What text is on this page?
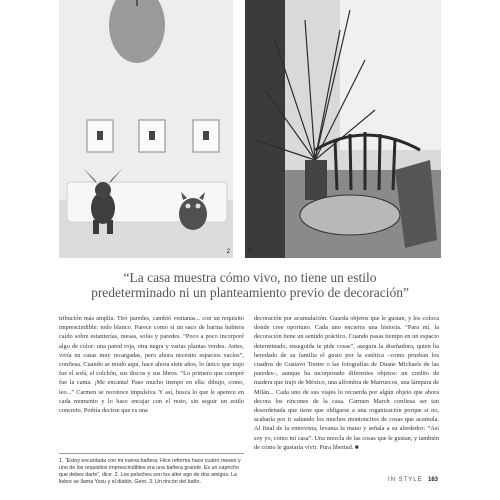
2	3
“La casa muestra cómo vivo, no tiene un estilo
predeterminado ni un planteamiento previo de decoración”

tribución más amplia. Tiró paredes, cambió ventanas... con un requisito imprescindible: todo blanco. Parece como si un saco de harina hubiera caído sobre estanterías, mesas, sofás y paredes. “Poco a poco incorporé algo de color: una pared roja, otra negra y varias plantas verdes. Antes, vivía en casas muy recargadas, pero ahora necesito espacios vacíos”, confiesa. Cuando se mudó aquí, hace ahora siete años, lo único que trajo fue el sofá, el colchón, sus discos y sus libros. “Lo primero que compré fue la cama. ¡Me encanta! Paso mucho tiempo en ella: dibujo, como, leo...” Carmen se reconoce impulsiva. Y así, busca lo que le apetece en cada momento y lo hace encajar con el resto, sin seguir un estilo concreto. Podría decirse que es una

decoración por acumulación. Guarda objetos que le gustan, y los coloca donde cree oportuno. Cada uno encierra una historia. “Para mí, la decoración tiene un sentido práctico. Cuando pasas tiempo en un espacio determinado, enseguida te pide cosas”, asegura la diseñadora, quien ha heredado de su familia el gusto por la estética –como prueban los cuadros de Gustavo Torner o las fotografías de Duane Michaels de las paredes–, aunque ha incorporado diferentes objetos: un credito de madera que trajo de México, una alfombra de Marruecos, una lámpara de Milán... Cada uno de sus viajes lo recuerda por algún objeto que ahora decora los rincones de la casa. Carmen March confiesa ser tan desordenada que tiene que obligarse a una organización porque si no, acabaría por ir saltando los muchos montoncitos de cosas que acumula. Al final de la entrevista, levanta la mano y señala a su alrededor: “Así soy yo, como mi casa”. Una mezcla de las cosas que le gustan, y también de cómo le gustaría vivir. Pura libertad. ■

1. “Estoy encantada con mi nueva bañera. Hice reforma hace cuatro meses y uno de los requisitos imprescindibles era una bañera grande. Es un capricho que debes darte”, dice. 2. Los peluches son los alter ego de dos amigos. La liebre se llama Yosu y el diablo, Gero. 3. Un rincón del baño.	IN STYLE 163
